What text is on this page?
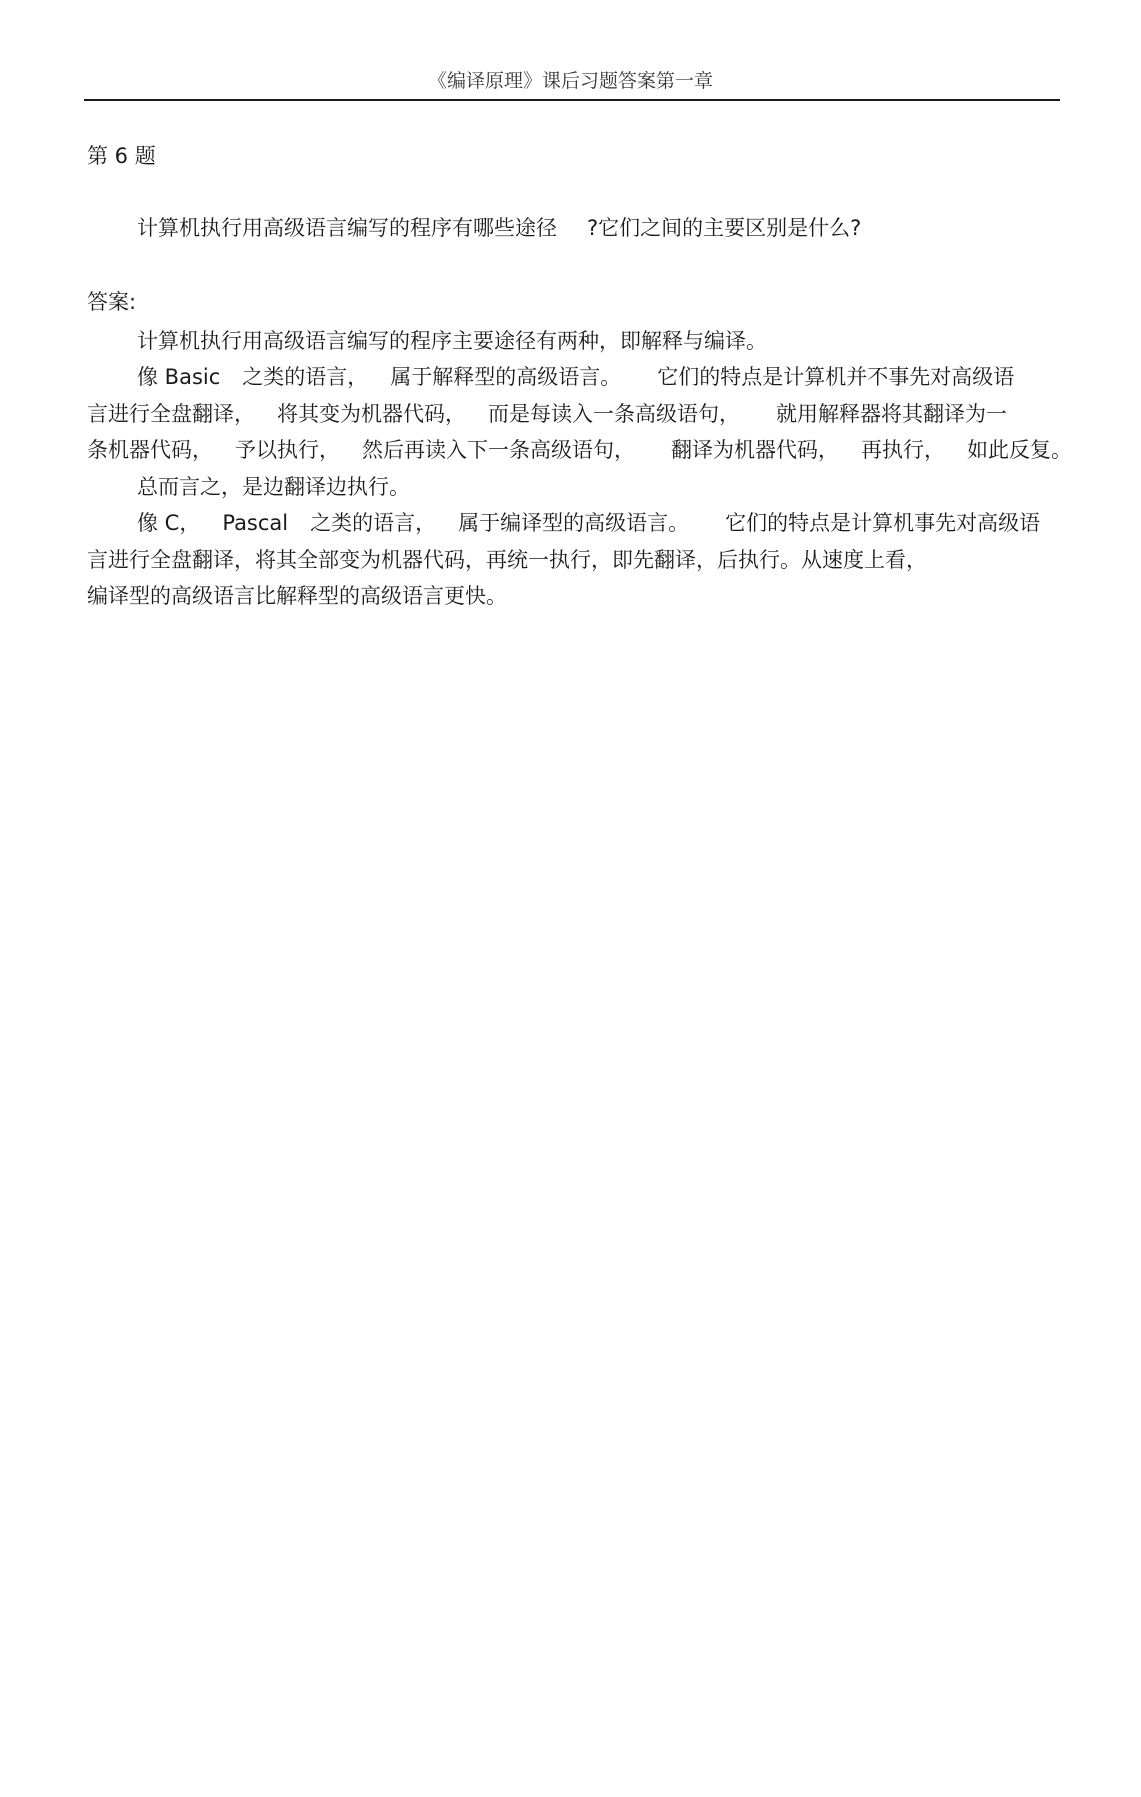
《编译原理》课后习题答案第一章
第 6 题
计算机执行用高级语言编写的程序有哪些途径 ?它们之间的主要区别是什么?
答案:
计算机执行用高级语言编写的程序主要途径有两种，即解释与编译。
像 Basic 之类的语言， 属于解释型的高级语言。 它们的特点是计算机并不事先对高级语
言进行全盘翻译， 将其变为机器代码， 而是每读入一条高级语句， 就用解释器将其翻译为一
条机器代码， 予以执行， 然后再读入下一条高级语句， 翻译为机器代码， 再执行， 如此反复。
总而言之，是边翻译边执行。
像 C， Pascal 之类的语言， 属于编译型的高级语言。 它们的特点是计算机事先对高级语
言进行全盘翻译，将其全部变为机器代码，再统一执行，即先翻译，后执行。从速度上看，
编译型的高级语言比解释型的高级语言更快。
